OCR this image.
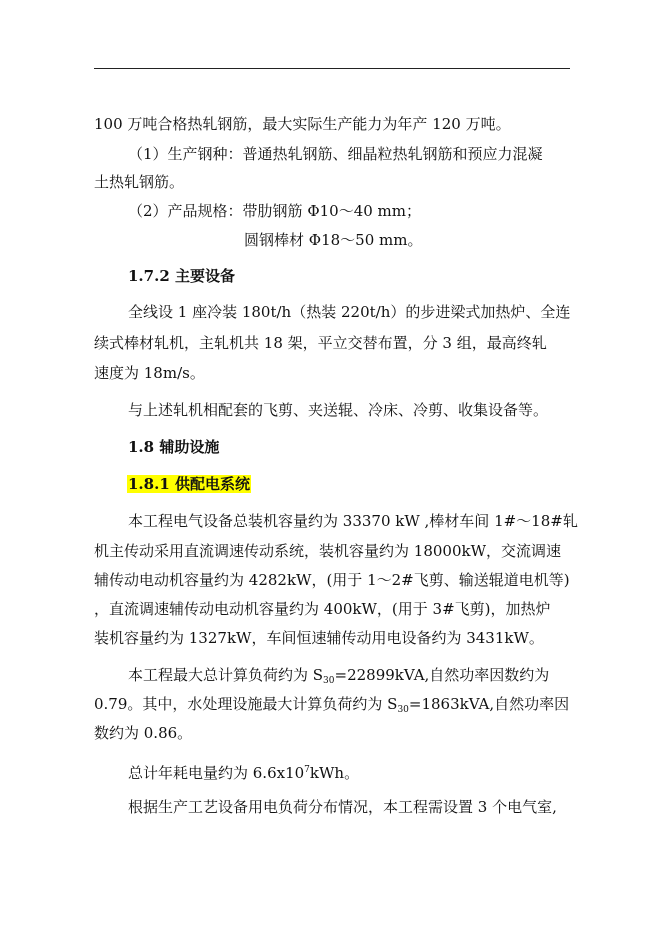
100 万吨合格热轧钢筋，最大实际生产能力为年产 120 万吨。
（1）生产钢种：普通热轧钢筋、细晶粒热轧钢筋和预应力混凝
土热轧钢筋。
（2）产品规格：带肋钢筋 Φ10～40 mm；
圆钢棒材 Φ18～50 mm。
1.7.2 主要设备
全线设 1 座冷装 180t/h（热装 220t/h）的步进梁式加热炉、全连
续式棒材轧机，主轧机共 18 架，平立交替布置，分 3 组，最高终轧
速度为 18m/s。
与上述轧机相配套的飞剪、夹送辊、冷床、冷剪、收集设备等。
1.8 辅助设施
1.8.1 供配电系统
本工程电气设备总装机容量约为 33370 kW ,棒材车间 1#～18#轧
机主传动采用直流调速传动系统，装机容量约为 18000kW，交流调速
辅传动电动机容量约为 4282kW，(用于 1～2#飞剪、输送辊道电机等)
，直流调速辅传动电动机容量约为 400kW，(用于 3#飞剪)，加热炉
装机容量约为 1327kW，车间恒速辅传动用电设备约为 3431kW。
本工程最大总计算负荷约为 $S_{30}=22899kVA$,自然功率因数约为
0.79。其中，水处理设施最大计算负荷约为 $S_{30}=1863kVA$,自然功率因
数约为 0.86。
总计年耗电量约为 $6.6x10^7kWh$。
根据生产工艺设备用电负荷分布情况，本工程需设置 3 个电气室,
